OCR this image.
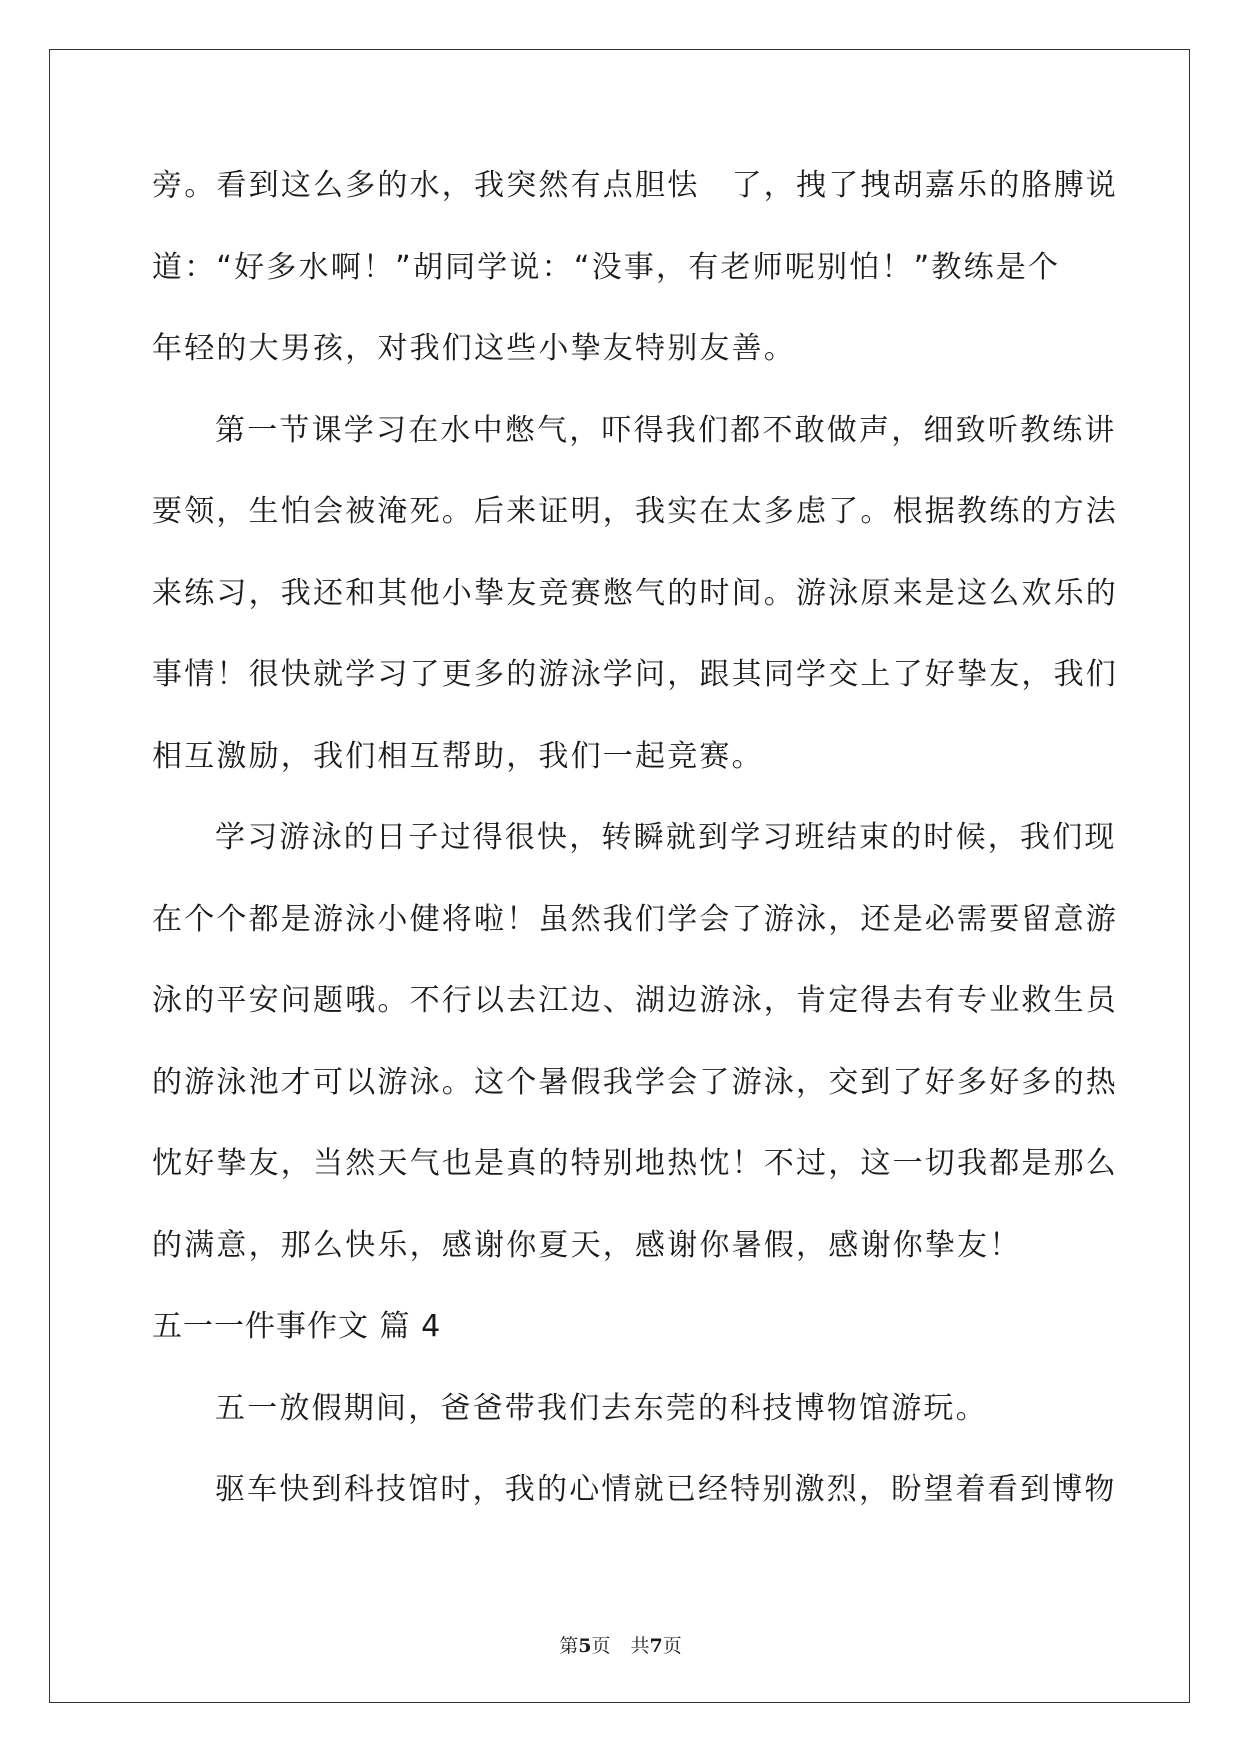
旁。看到这么多的水，我突然有点胆怯　了，拽了拽胡嘉乐的胳膊说
道：“好多水啊！”胡同学说：“没事，有老师呢别怕！”教练是个
年轻的大男孩，对我们这些小挚友特别友善。
第一节课学习在水中憋气，吓得我们都不敢做声，细致听教练讲
要领，生怕会被淹死。后来证明，我实在太多虑了。根据教练的方法
来练习，我还和其他小挚友竞赛憋气的时间。游泳原来是这么欢乐的
事情！很快就学习了更多的游泳学问，跟其同学交上了好挚友，我们
相互激励，我们相互帮助，我们一起竞赛。
学习游泳的日子过得很快，转瞬就到学习班结束的时候，我们现
在个个都是游泳小健将啦！虽然我们学会了游泳，还是必需要留意游
泳的平安问题哦。不行以去江边、湖边游泳，肯定得去有专业救生员
的游泳池才可以游泳。这个暑假我学会了游泳，交到了好多好多的热
忱好挚友，当然天气也是真的特别地热忱！不过，这一切我都是那么
的满意，那么快乐，感谢你夏天，感谢你暑假，感谢你挚友！
五一一件事作文 篇 4
五一放假期间，爸爸带我们去东莞的科技博物馆游玩。
驱车快到科技馆时，我的心情就已经特别激烈，盼望着看到博物
第5页 共7页
